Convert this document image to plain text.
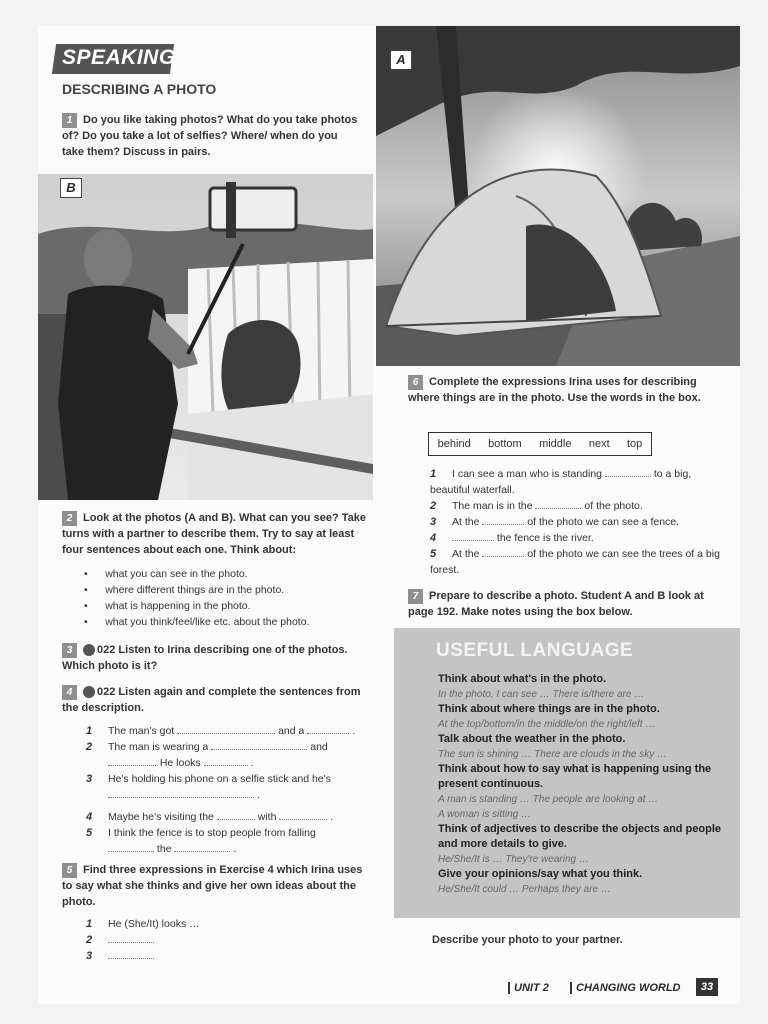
SPEAKING
DESCRIBING A PHOTO
1 Do you like taking photos? What do you take photos of? Do you take a lot of selfies? Where/ when do you take them? Discuss in pairs.
A
B
2 Look at the photos (A and B). What can you see? Take turns with a partner to describe them. Try to say at least four sentences about each one. Think about:
•      what you can see in the photo.
•      where different things are in the photo.
•      what is happening in the photo.
•      what you think/feel/like etc. about the photo.
3 022 Listen to Irina describing one of the photos. Which photo is it?
4 022 Listen again and complete the sentences from the description.
1 The man's got	and a	.
2 The man is wearing a	and
. He looks	.
3 He's holding his phone on a selfie stick and he's
.
4 Maybe he's visiting the	with	.
5 I think the fence is to stop people from falling
the	.
5 Find three expressions in Exercise 4 which Irina uses to say what she thinks and give her own ideas about the photo.
1 He (She/It) looks …
2
3
6 Complete the expressions Irina uses for describing where things are in the photo. Use the words in the box.
behind bottom middle next top
1 I can see a man who is standing	to a big, beautiful waterfall.
2 The man is in the	of the photo.
3 At the	of the photo we can see a fence.
4	the fence is the river.
5 At the	of the photo we can see the trees of a big forest.
7 Prepare to describe a photo. Student A and B look at page 192. Make notes using the box below.
USEFUL LANGUAGE
Think about what's in the photo.
In the photo, I can see … There is/there are …
Think about where things are in the photo.
At the top/bottom/in the middle/on the right/left …
Talk about the weather in the photo.
The sun is shining … There are clouds in the sky …
Think about how to say what is happening using the present continuous.
A man is standing … The people are looking at …
A woman is sitting …
Think of adjectives to describe the objects and people and more details to give.
He/She/It is … They're wearing …
Give your opinions/say what you think.
He/She/It could … Perhaps they are …
Describe your photo to your partner.
UNIT 2	CHANGING WORLD	33
